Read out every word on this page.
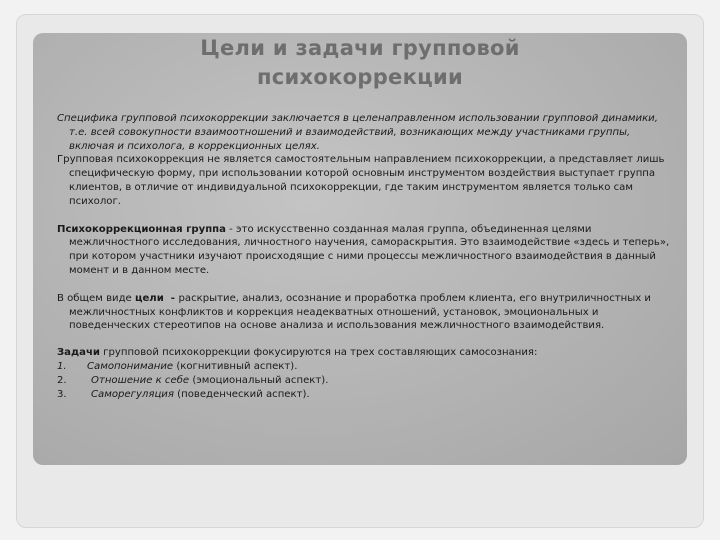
Цели и задачи групповой
психокоррекции

Специфика групповой психокоррекции заключается в целенаправленном использовании групповой динамики, т.е. всей совокупности взаимоотношений и взаимодействий, возникающих между участниками группы, включая и психолога, в коррекционных целях.

Групповая психокоррекция не является самостоятельным направлением психокоррекции, а представляет лишь специфическую форму, при использовании которой основным инструментом воздействия выступает группа клиентов, в отличие от индивидуальной психокоррекции, где таким инструментом является только сам психолог.

Психокоррекционная группа - это искусственно созданная малая группа, объединенная целями межличностного исследования, личностного научения, самораскрытия. Это взаимодействие «здесь и теперь», при котором участники изучают происходящие с ними процессы межличностного взаимодействия в данный момент и в данном месте.

В общем виде цели  - раскрытие, анализ, осознание и проработка проблем клиента, его внутриличностных и межличностных конфликтов и коррекция неадекватных отношений, установок, эмоциональных и поведенческих стереотипов на основе анализа и использования межличностного взаимодействия.

Задачи групповой психокоррекции фокусируются на трех составляющих самосознания:

1.	Самопонимание (когнитивный аспект).

2.	Отношение к себе (эмоциональный аспект).

3.	Саморегуляция (поведенческий аспект).
